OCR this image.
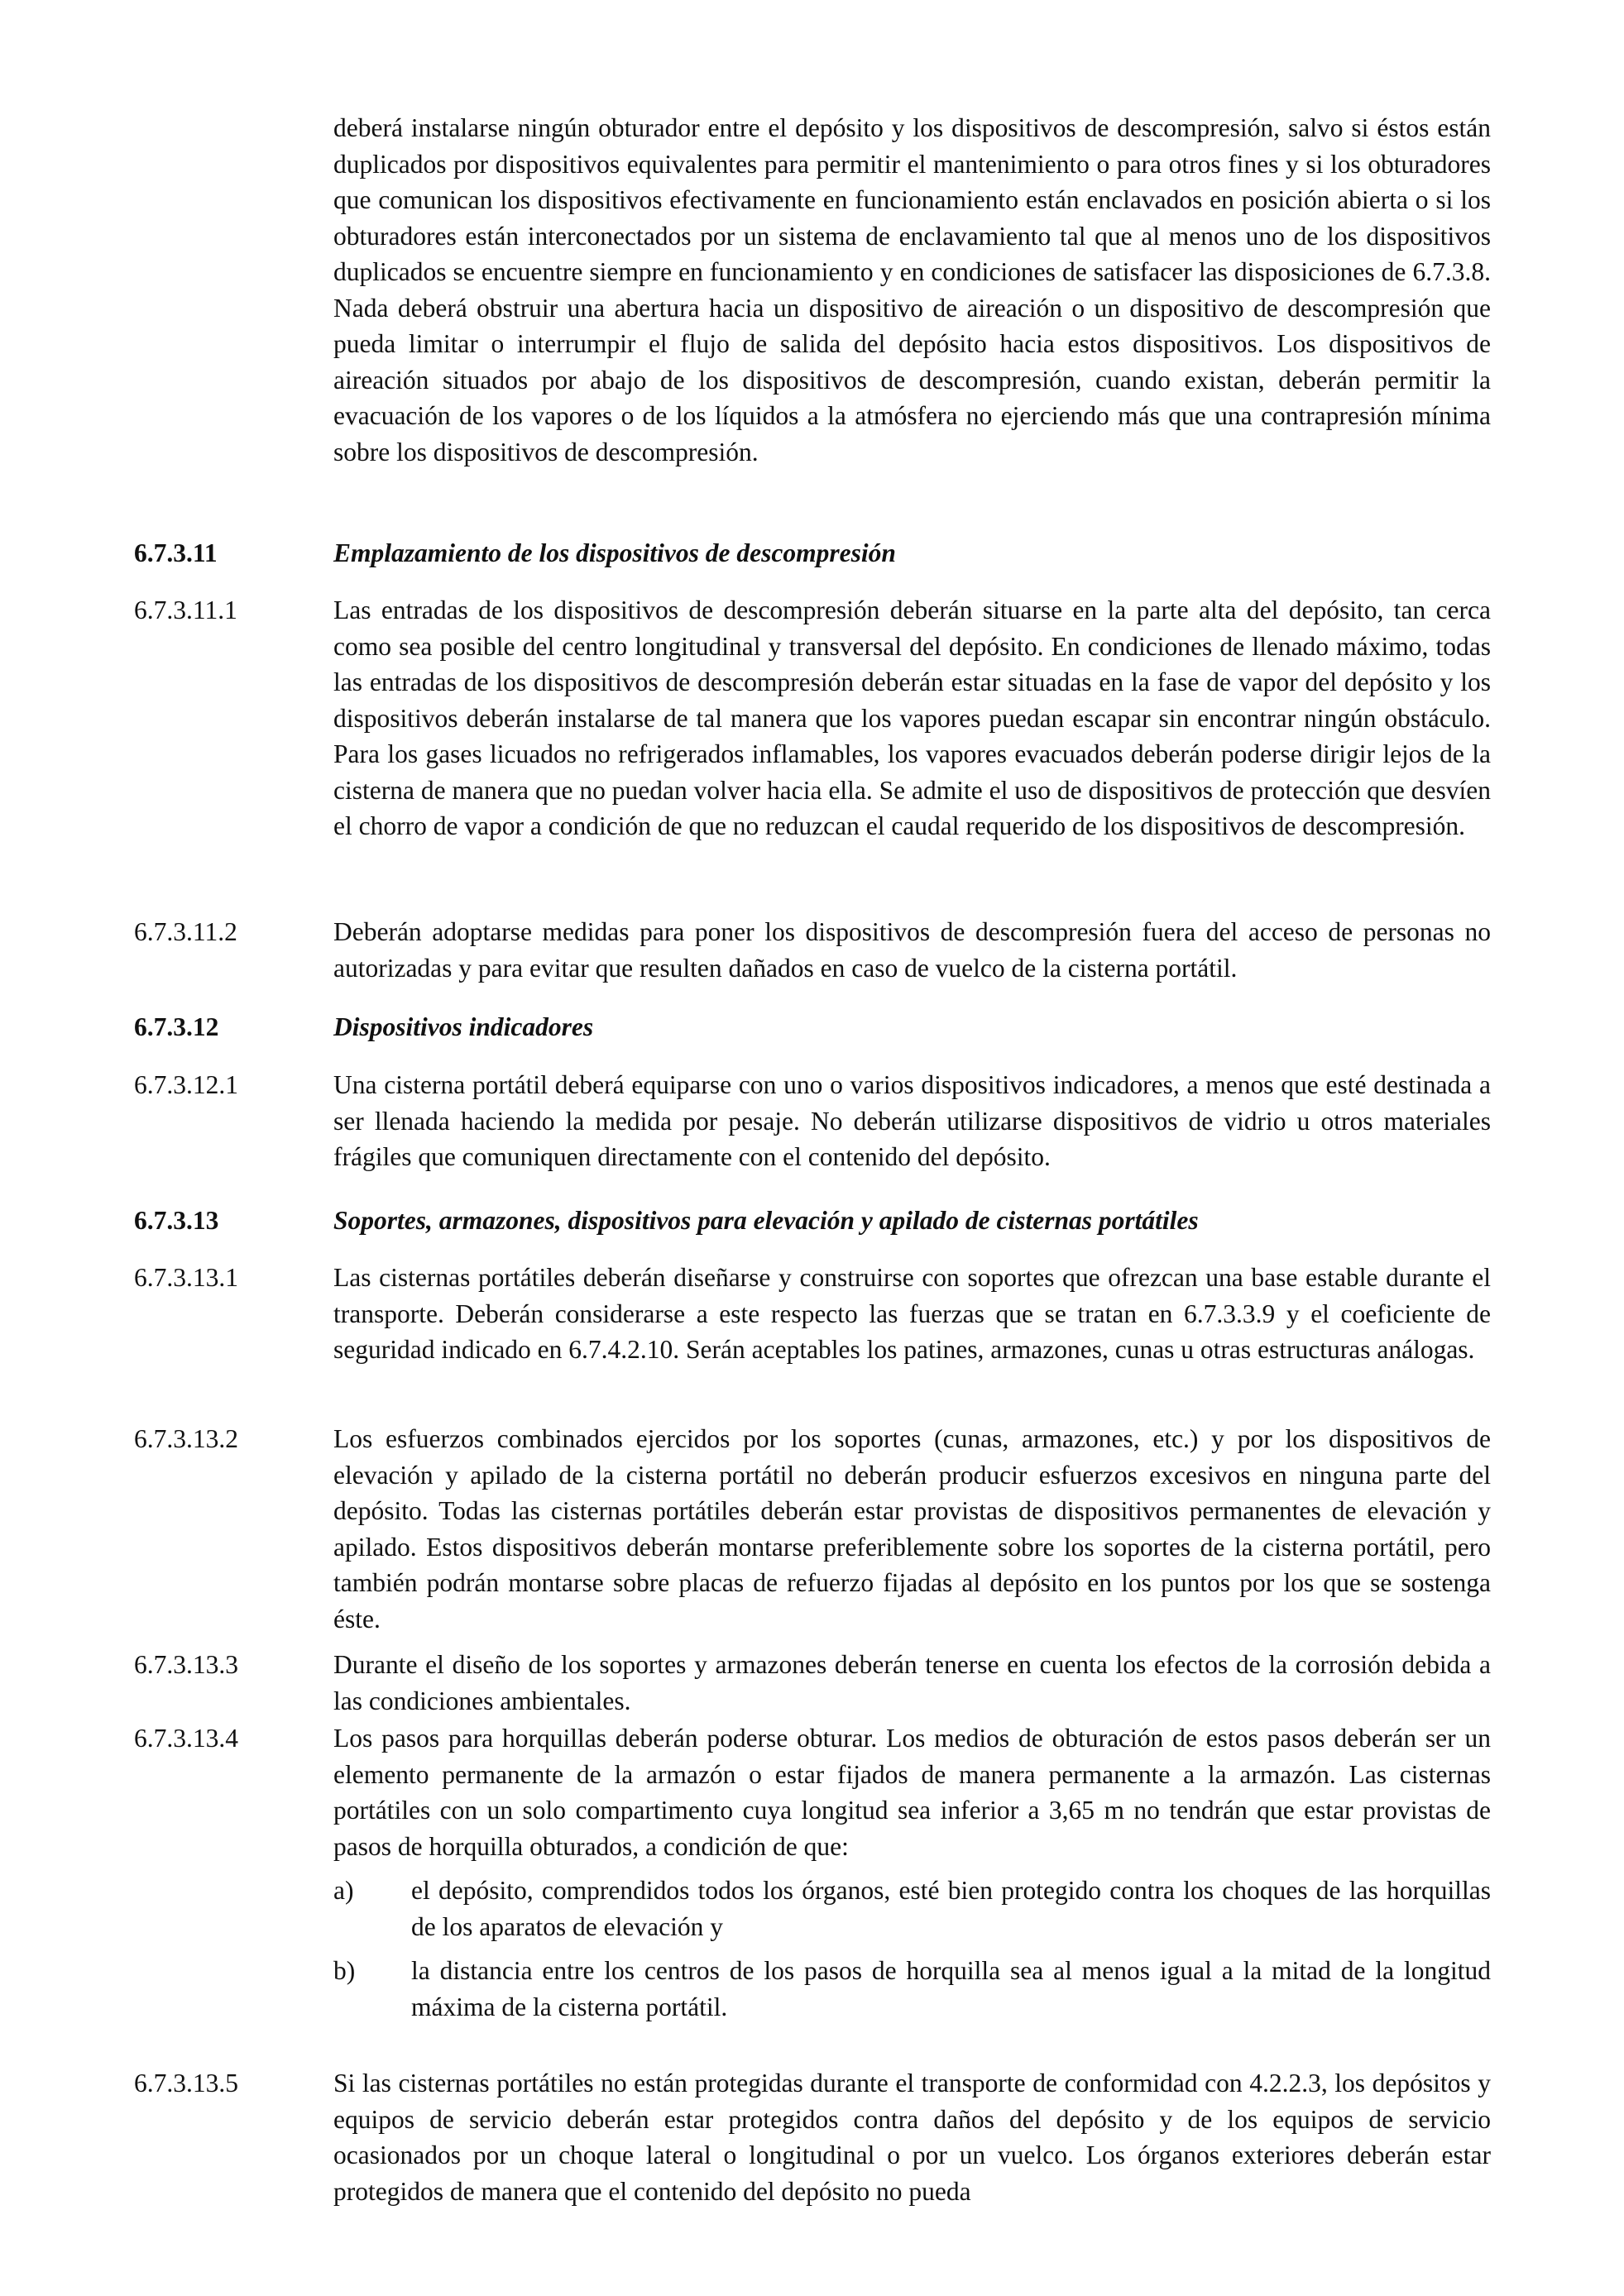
deberá instalarse ningún obturador entre el depósito y los dispositivos de descompresión, salvo si éstos están duplicados por dispositivos equivalentes para permitir el mantenimiento o para otros fines y si los obturadores que comunican los dispositivos efectivamente en funcionamiento están enclavados en posición abierta o si los obturadores están interconectados por un sistema de enclavamiento tal que al menos uno de los dispositivos duplicados se encuentre siempre en funcionamiento y en condiciones de satisfacer las disposiciones de 6.7.3.8. Nada deberá obstruir una abertura hacia un dispositivo de aireación o un dispositivo de descompresión que pueda limitar o interrumpir el flujo de salida del depósito hacia estos dispositivos. Los dispositivos de aireación situados por abajo de los dispositivos de descompresión, cuando existan, deberán permitir la evacuación de los vapores o de los líquidos a la atmósfera no ejerciendo más que una contrapresión mínima sobre los dispositivos de descompresión.
6.7.3.11	Emplazamiento de los dispositivos de descompresión
6.7.3.11.1	Las entradas de los dispositivos de descompresión deberán situarse en la parte alta del depósito, tan cerca como sea posible del centro longitudinal y transversal del depósito. En condiciones de llenado máximo, todas las entradas de los dispositivos de descompresión deberán estar situadas en la fase de vapor del depósito y los dispositivos deberán instalarse de tal manera que los vapores puedan escapar sin encontrar ningún obstáculo. Para los gases licuados no refrigerados inflamables, los vapores evacuados deberán poderse dirigir lejos de la cisterna de manera que no puedan volver hacia ella. Se admite el uso de dispositivos de protección que desvíen el chorro de vapor a condición de que no reduzcan el caudal requerido de los dispositivos de descompresión.
6.7.3.11.2	Deberán adoptarse medidas para poner los dispositivos de descompresión fuera del acceso de personas no autorizadas y para evitar que resulten dañados en caso de vuelco de la cisterna portátil.
6.7.3.12	Dispositivos indicadores
6.7.3.12.1	Una cisterna portátil deberá equiparse con uno o varios dispositivos indicadores, a menos que esté destinada a ser llenada haciendo la medida por pesaje. No deberán utilizarse dispositivos de vidrio u otros materiales frágiles que comuniquen directamente con el contenido del depósito.
6.7.3.13	Soportes, armazones, dispositivos para elevación y apilado de cisternas portátiles
6.7.3.13.1	Las cisternas portátiles deberán diseñarse y construirse con soportes que ofrezcan una base estable durante el transporte. Deberán considerarse a este respecto las fuerzas que se tratan en 6.7.3.3.9 y el coeficiente de seguridad indicado en 6.7.4.2.10. Serán aceptables los patines, armazones, cunas u otras estructuras análogas.
6.7.3.13.2	Los esfuerzos combinados ejercidos por los soportes (cunas, armazones, etc.) y por los dispositivos de elevación y apilado de la cisterna portátil no deberán producir esfuerzos excesivos en ninguna parte del depósito. Todas las cisternas portátiles deberán estar provistas de dispositivos permanentes de elevación y apilado. Estos dispositivos deberán montarse preferiblemente sobre los soportes de la cisterna portátil, pero también podrán montarse sobre placas de refuerzo fijadas al depósito en los puntos por los que se sostenga éste.
6.7.3.13.3	Durante el diseño de los soportes y armazones deberán tenerse en cuenta los efectos de la corrosión debida a las condiciones ambientales.
6.7.3.13.4	Los pasos para horquillas deberán poderse obturar. Los medios de obturación de estos pasos deberán ser un elemento permanente de la armazón o estar fijados de manera permanente a la armazón. Las cisternas portátiles con un solo compartimento cuya longitud sea inferior a 3,65 m no tendrán que estar provistas de pasos de horquilla obturados, a condición de que:
a)	el depósito, comprendidos todos los órganos, esté bien protegido contra los choques de las horquillas de los aparatos de elevación y
b)	la distancia entre los centros de los pasos de horquilla sea al menos igual a la mitad de la longitud máxima de la cisterna portátil.
6.7.3.13.5	Si las cisternas portátiles no están protegidas durante el transporte de conformidad con 4.2.2.3, los depósitos y equipos de servicio deberán estar protegidos contra daños del depósito y de los equipos de servicio ocasionados por un choque lateral o longitudinal o por un vuelco. Los órganos exteriores deberán estar protegidos de manera que el contenido del depósito no pueda
